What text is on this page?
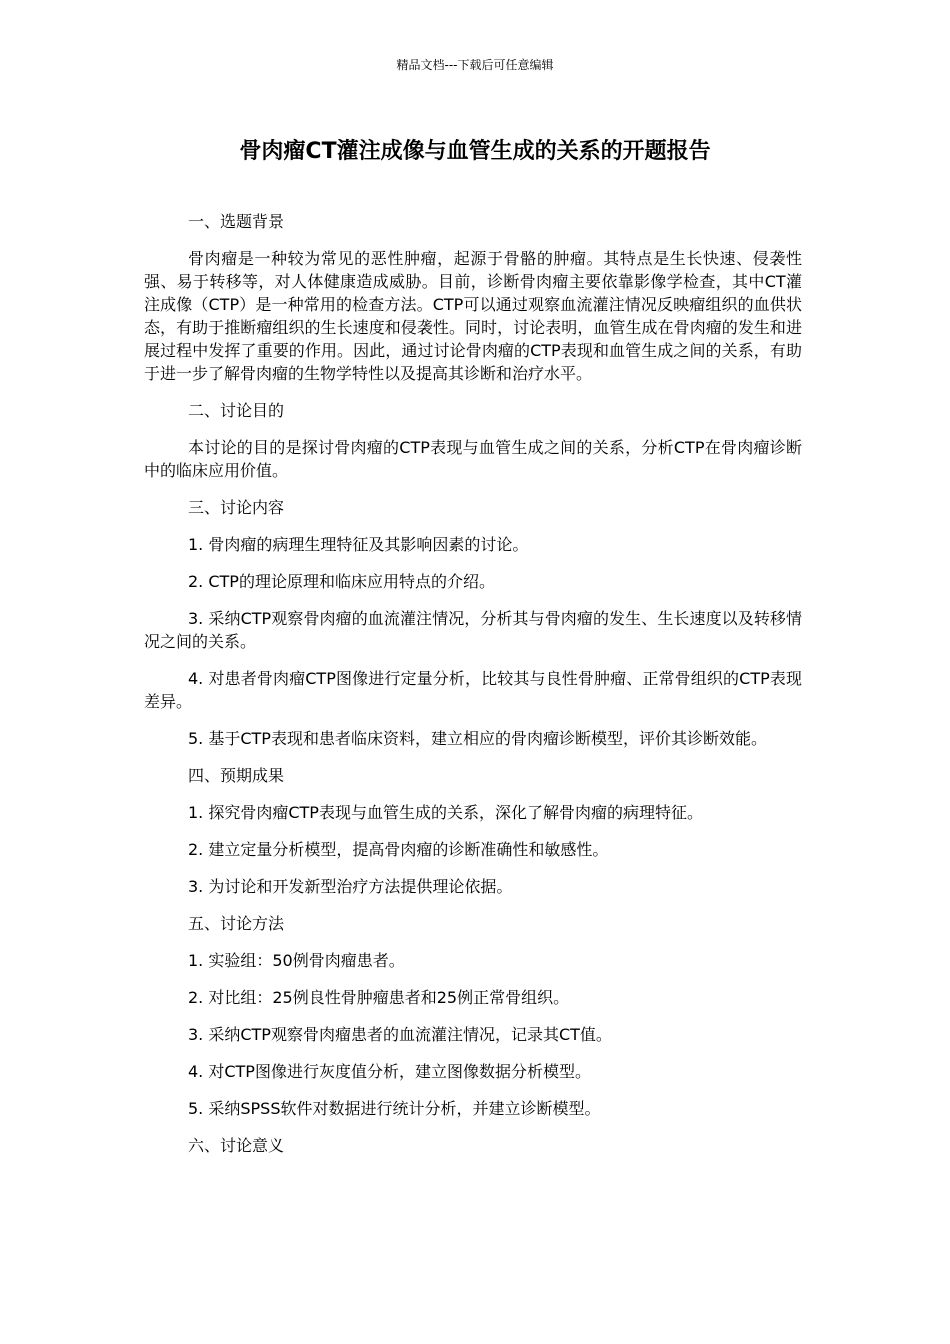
精品文档---下载后可任意编辑
骨肉瘤CT灌注成像与血管生成的关系的开题报告

一、选题背景

骨肉瘤是一种较为常见的恶性肿瘤，起源于骨骼的肿瘤。其特点是生长快速、侵袭性强、易于转移等，对人体健康造成威胁。目前，诊断骨肉瘤主要依靠影像学检查，其中CT灌注成像（CTP）是一种常用的检查方法。CTP可以通过观察血流灌注情况反映瘤组织的血供状态，有助于推断瘤组织的生长速度和侵袭性。同时，讨论表明，血管生成在骨肉瘤的发生和进展过程中发挥了重要的作用。因此，通过讨论骨肉瘤的CTP表现和血管生成之间的关系，有助于进一步了解骨肉瘤的生物学特性以及提高其诊断和治疗水平。

二、讨论目的

本讨论的目的是探讨骨肉瘤的CTP表现与血管生成之间的关系，分析CTP在骨肉瘤诊断中的临床应用价值。

三、讨论内容

1. 骨肉瘤的病理生理特征及其影响因素的讨论。

2. CTP的理论原理和临床应用特点的介绍。

3. 采纳CTP观察骨肉瘤的血流灌注情况，分析其与骨肉瘤的发生、生长速度以及转移情况之间的关系。

4. 对患者骨肉瘤CTP图像进行定量分析，比较其与良性骨肿瘤、正常骨组织的CTP表现差异。

5. 基于CTP表现和患者临床资料，建立相应的骨肉瘤诊断模型，评价其诊断效能。

四、预期成果

1. 探究骨肉瘤CTP表现与血管生成的关系，深化了解骨肉瘤的病理特征。

2. 建立定量分析模型，提高骨肉瘤的诊断准确性和敏感性。

3. 为讨论和开发新型治疗方法提供理论依据。

五、讨论方法

1. 实验组：50例骨肉瘤患者。

2. 对比组：25例良性骨肿瘤患者和25例正常骨组织。

3. 采纳CTP观察骨肉瘤患者的血流灌注情况，记录其CT值。

4. 对CTP图像进行灰度值分析，建立图像数据分析模型。

5. 采纳SPSS软件对数据进行统计分析，并建立诊断模型。

六、讨论意义
